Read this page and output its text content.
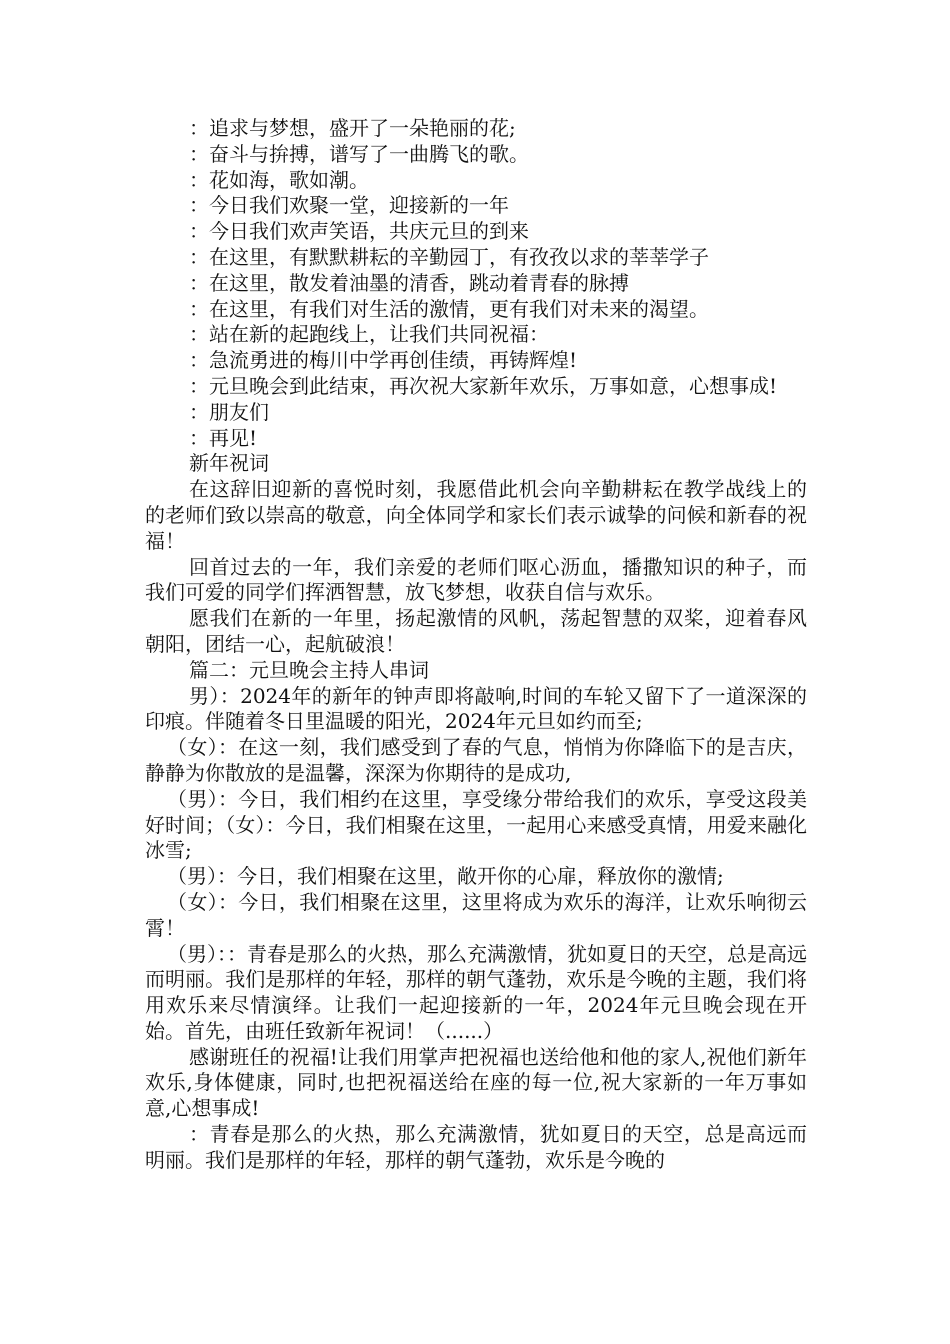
：追求与梦想，盛开了一朵艳丽的花;

：奋斗与拚搏，谱写了一曲腾飞的歌。

：花如海，歌如潮。

：今日我们欢聚一堂，迎接新的一年

：今日我们欢声笑语，共庆元旦的到来

：在这里，有默默耕耘的辛勤园丁，有孜孜以求的莘莘学子

：在这里，散发着油墨的清香，跳动着青春的脉搏

：在这里，有我们对生活的激情，更有我们对未来的渴望。

：站在新的起跑线上，让我们共同祝福：

：急流勇进的梅川中学再创佳绩，再铸辉煌!

：元旦晚会到此结束，再次祝大家新年欢乐，万事如意，心想事成!

：朋友们

：再见!

新年祝词

在这辞旧迎新的喜悦时刻，我愿借此机会向辛勤耕耘在教学战线上的的老师们致以崇高的敬意，向全体同学和家长们表示诚挚的问候和新春的祝福！

回首过去的一年，我们亲爱的老师们呕心沥血，播撒知识的种子，而我们可爱的同学们挥洒智慧，放飞梦想，收获自信与欢乐。

愿我们在新的一年里，扬起激情的风帆，荡起智慧的双桨，迎着春风朝阳，团结一心，起航破浪！

篇二：元旦晚会主持人串词

男）：2024年的新年的钟声即将敲响,时间的车轮又留下了一道深深的印痕。伴随着冬日里温暖的阳光，2024年元旦如约而至;

（女）：在这一刻，我们感受到了春的气息，悄悄为你降临下的是吉庆，静静为你散放的是温馨，深深为你期待的是成功,

（男）：今日，我们相约在这里，享受缘分带给我们的欢乐，享受这段美好时间；（女）：今日，我们相聚在这里，一起用心来感受真情，用爱来融化冰雪;

（男）：今日，我们相聚在这里，敞开你的心扉，释放你的激情;

（女）：今日，我们相聚在这里，这里将成为欢乐的海洋，让欢乐响彻云霄！

（男）：：青春是那么的火热，那么充满激情，犹如夏日的天空，总是高远而明丽。我们是那样的年轻，那样的朝气蓬勃，欢乐是今晚的主题，我们将用欢乐来尽情演绎。让我们一起迎接新的一年，2024年元旦晚会现在开始。首先，由班任致新年祝词！（......）

感谢班任的祝福!让我们用掌声把祝福也送给他和他的家人,祝他们新年欢乐,身体健康，同时,也把祝福送给在座的每一位,祝大家新的一年万事如意,心想事成!

：青春是那么的火热，那么充满激情，犹如夏日的天空，总是高远而明丽。我们是那样的年轻，那样的朝气蓬勃，欢乐是今晚的
